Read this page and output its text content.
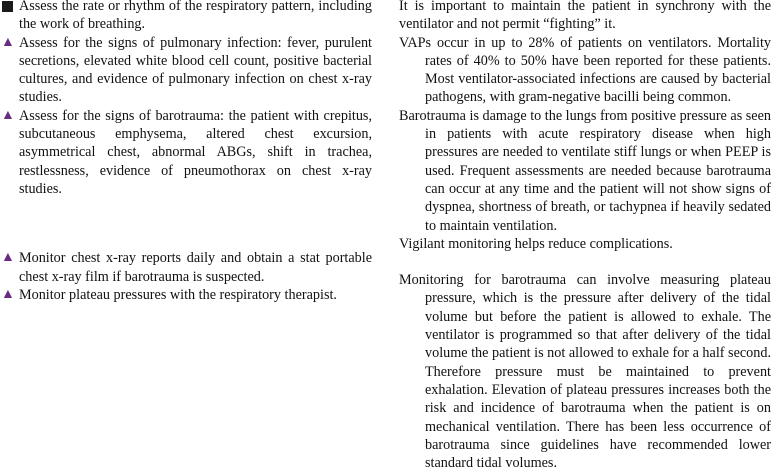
Assess the rate or rhythm of the respiratory pattern, including the work of breathing.
▲ Assess for the signs of pulmonary infection: fever, purulent secretions, elevated white blood cell count, positive bacterial cultures, and evidence of pulmonary infection on chest x-ray studies.
▲ Assess for the signs of barotrauma: the patient with crepitus, subcutaneous emphysema, altered chest excursion, asymmetrical chest, abnormal ABGs, shift in trachea, restlessness, evidence of pneumothorax on chest x-ray studies.
▲ Monitor chest x-ray reports daily and obtain a stat portable chest x-ray film if barotrauma is suspected.
▲ Monitor plateau pressures with the respiratory therapist.
It is important to maintain the patient in synchrony with the ventilator and not permit “fighting” it.
VAPs occur in up to 28% of patients on ventilators. Mortality rates of 40% to 50% have been reported for these patients. Most ventilator-associated infections are caused by bacterial pathogens, with gram-negative bacilli being common.
Barotrauma is damage to the lungs from positive pressure as seen in patients with acute respiratory disease when high pressures are needed to ventilate stiff lungs or when PEEP is used. Frequent assessments are needed because barotrauma can occur at any time and the patient will not show signs of dyspnea, shortness of breath, or tachypnea if heavily sedated to maintain ventilation.
Vigilant monitoring helps reduce complications.
Monitoring for barotrauma can involve measuring plateau pressure, which is the pressure after delivery of the tidal volume but before the patient is allowed to exhale. The ventilator is programmed so that after delivery of the tidal volume the patient is not allowed to exhale for a half second. Therefore pressure must be maintained to prevent exhalation. Elevation of plateau pressures increases both the risk and incidence of barotrauma when the patient is on mechanical ventilation. There has been less occurrence of barotrauma since guidelines have recommended lower standard tidal volumes.
